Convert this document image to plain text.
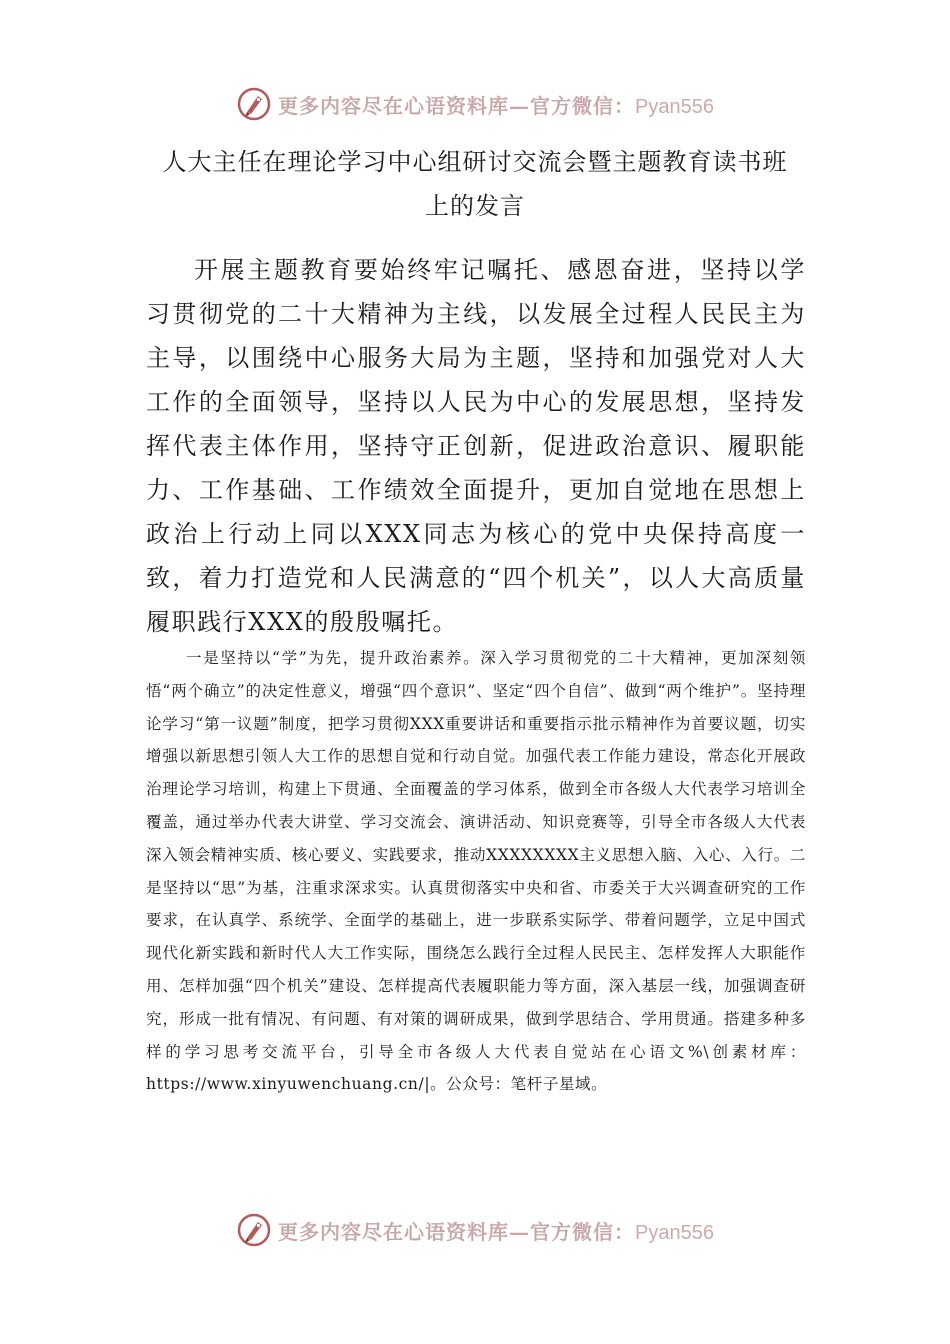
更多内容尽在心语资料库—官方微信：Pyan556
人大主任在理论学习中心组研讨交流会暨主题教育读书班
上的发言

开展主题教育要始终牢记嘱托、感恩奋进，坚持以学习贯彻党的二十大精神为主线，以发展全过程人民民主为主导，以围绕中心服务大局为主题，坚持和加强党对人大工作的全面领导，坚持以人民为中心的发展思想，坚持发挥代表主体作用，坚持守正创新，促进政治意识、履职能力、工作基础、工作绩效全面提升，更加自觉地在思想上政治上行动上同以XXX同志为核心的党中央保持高度一致，着力打造党和人民满意的“四个机关”，以人大高质量履职践行XXX的殷殷嘱托。

一是坚持以“学”为先，提升政治素养。深入学习贯彻党的二十大精神，更加深刻领悟“两个确立”的决定性意义，增强“四个意识”、坚定“四个自信”、做到“两个维护”。坚持理论学习“第一议题”制度，把学习贯彻XXX重要讲话和重要指示批示精神作为首要议题，切实增强以新思想引领人大工作的思想自觉和行动自觉。加强代表工作能力建设，常态化开展政治理论学习培训，构建上下贯通、全面覆盖的学习体系，做到全市各级人大代表学习培训全覆盖，通过举办代表大讲堂、学习交流会、演讲活动、知识竞赛等，引导全市各级人大代表深入领会精神实质、核心要义、实践要求，推动XXXXXXXX主义思想入脑、入心、入行。二是坚持以“思”为基，注重求深求实。认真贯彻落实中央和省、市委关于大兴调查研究的工作要求，在认真学、系统学、全面学的基础上，进一步联系实际学、带着问题学，立足中国式现代化新实践和新时代人大工作实际，围绕怎么践行全过程人民民主、怎样发挥人大职能作用、怎样加强“四个机关”建设、怎样提高代表履职能力等方面，深入基层一线，加强调查研究，形成一批有情况、有问题、有对策的调研成果，做到学思结合、学用贯通。搭建多种多样的学习思考交流平台，引导全市各级人大代表自觉站在心语文%\创素材库：https://www.xinyuwenchuang.cn/|。公众号：笔杆子星域。

更多内容尽在心语资料库—官方微信：Pyan556
